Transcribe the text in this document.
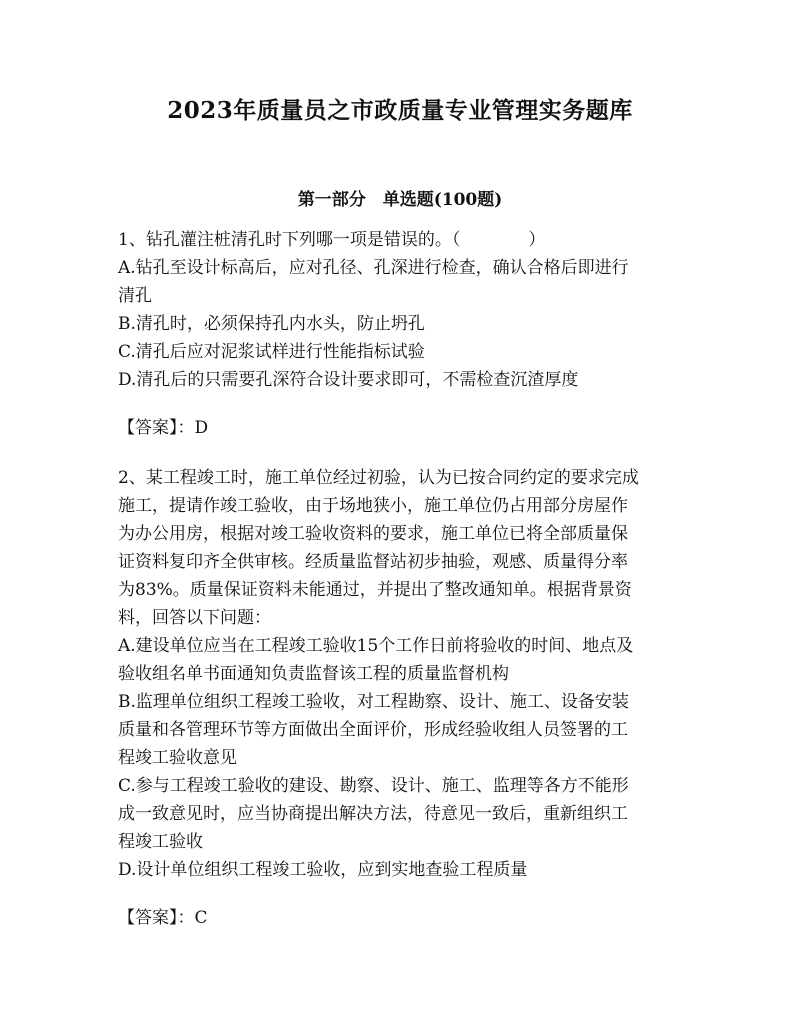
2023年质量员之市政质量专业管理实务题库
第一部分　单选题(100题)
1、钻孔灌注桩清孔时下列哪一项是错误的。（　　　　）
A.钻孔至设计标高后，应对孔径、孔深进行检查，确认合格后即进行
清孔
B.清孔时，必须保持孔内水头，防止坍孔
C.清孔后应对泥浆试样进行性能指标试验
D.清孔后的只需要孔深符合设计要求即可，不需检查沉渣厚度
【答案】：D
2、某工程竣工时，施工单位经过初验，认为已按合同约定的要求完成
施工，提请作竣工验收，由于场地狭小，施工单位仍占用部分房屋作
为办公用房，根据对竣工验收资料的要求，施工单位已将全部质量保
证资料复印齐全供审核。经质量监督站初步抽验，观感、质量得分率
为83%。质量保证资料未能通过，并提出了整改通知单。根据背景资
料，回答以下问题：
A.建设单位应当在工程竣工验收15个工作日前将验收的时间、地点及
验收组名单书面通知负责监督该工程的质量监督机构
B.监理单位组织工程竣工验收，对工程勘察、设计、施工、设备安装
质量和各管理环节等方面做出全面评价，形成经验收组人员签署的工
程竣工验收意见
C.参与工程竣工验收的建设、勘察、设计、施工、监理等各方不能形
成一致意见时，应当协商提出解决方法，待意见一致后，重新组织工
程竣工验收
D.设计单位组织工程竣工验收，应到实地查验工程质量
【答案】：C
